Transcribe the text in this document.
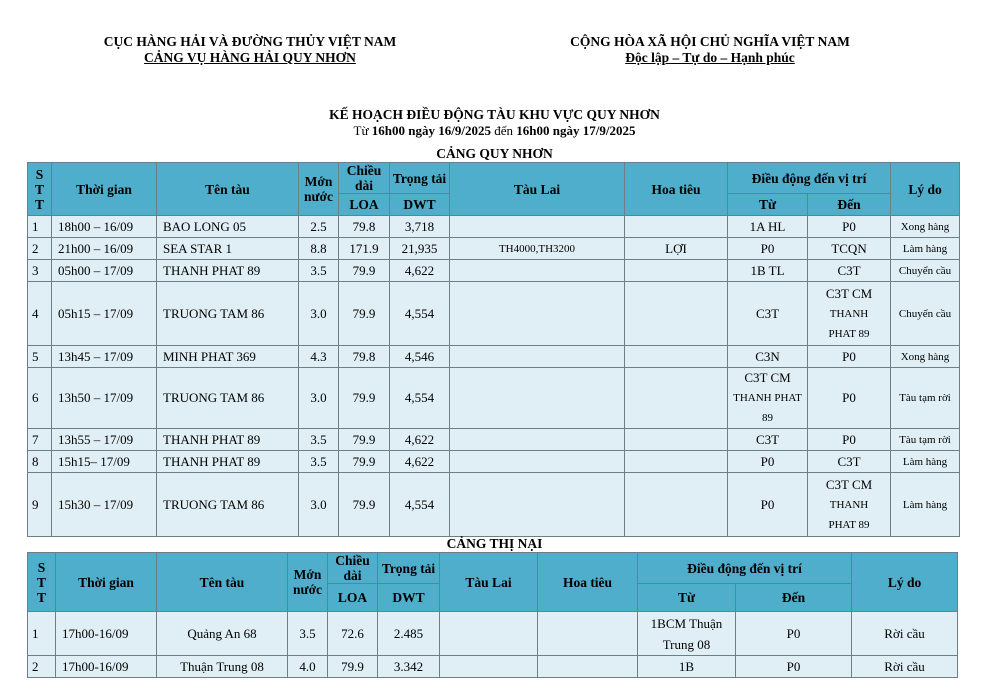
CỤC HÀNG HẢI VÀ ĐƯỜNG THỦY VIỆT NAM
CẢNG VỤ HÀNG HẢI QUY NHƠN
CỘNG HÒA XÃ HỘI CHỦ NGHĨA VIỆT NAM
Độc lập – Tự do – Hạnh phúc
KẾ HOẠCH ĐIỀU ĐỘNG TÀU KHU VỰC QUY NHƠN
Từ 16h00 ngày 16/9/2025 đến 16h00 ngày 17/9/2025
CẢNG QUY NHƠN
S
T
T	Thời gian	Tên tàu	Mớn nước	Chiều dài	Trọng tải	Tàu Lai	Hoa tiêu	Điều động đến vị trí		Lý do
				LOA	DWT			Từ	Đến	
1	18h00 – 16/09	BAO LONG 05	2.5	79.8	3,718			1A HL	P0	Xong hàng
2	21h00 – 16/09	SEA STAR 1	8.8	171.9	21,935	TH4000,TH3200	LỢI	P0	TCQN	Làm hàng
3	05h00 – 17/09	THANH PHAT 89	3.5	79.9	4,622			1B TL	C3T	Chuyển cầu
4	05h15 – 17/09	TRUONG TAM 86	3.0	79.9	4,554			C3T	C3T CM
THANH
PHAT 89	Chuyển cầu
5	13h45 – 17/09	MINH PHAT 369	4.3	79.8	4,546			C3N	P0	Xong hàng
6	13h50 – 17/09	TRUONG TAM 86	3.0	79.9	4,554			C3T CM
THANH PHAT 89	P0	Tàu tạm rời
7	13h55 – 17/09	THANH PHAT 89	3.5	79.9	4,622			C3T	P0	Tàu tạm rời
8	15h15– 17/09	THANH PHAT 89	3.5	79.9	4,622			P0	C3T	Làm hàng
9	15h30 – 17/09	TRUONG TAM 86	3.0	79.9	4,554			P0	C3T CM
THANH
PHAT 89	Làm hàng
CẢNG THỊ NẠI
S
T
T	Thời gian	Tên tàu	Mớn nước	Chiều dài	Trọng tải	Tàu Lai	Hoa tiêu	Điều động đến vị trí		Lý do
				LOA	DWT			Từ	Đến	
1	17h00-16/09	Quảng An 68	3.5	72.6	2.485			1BCM Thuận
Trung 08	P0	Rời cầu
2	17h00-16/09	Thuận Trung 08	4.0	79.9	3.342			1B	P0	Rời cầu
